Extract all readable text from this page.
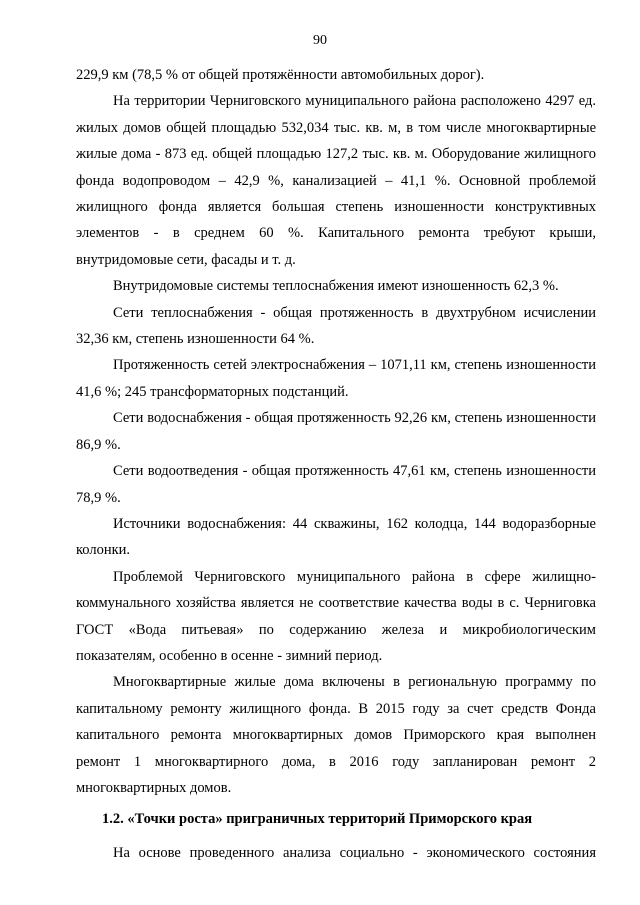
90

229,9 км (78,5 % от общей протяжённости автомобильных дорог).

На территории Черниговского муниципального района расположено 4297 ед. жилых домов общей площадью 532,034 тыс. кв. м, в том числе многоквартирные жилые дома - 873 ед. общей площадью 127,2 тыс. кв. м. Оборудование жилищного фонда водопроводом – 42,9 %, канализацией – 41,1 %. Основной проблемой жилищного фонда является большая степень изношенности конструктивных элементов - в среднем 60 %. Капитального ремонта требуют крыши, внутридомовые сети, фасады и т. д.

Внутридомовые системы теплоснабжения имеют изношенность 62,3 %.

Сети теплоснабжения - общая протяженность в двухтрубном исчислении 32,36 км, степень изношенности 64 %.

Протяженность сетей электроснабжения – 1071,11 км, степень изношенности 41,6 %; 245 трансформаторных подстанций.

Сети водоснабжения - общая протяженность 92,26 км, степень изношенности 86,9 %.

Сети водоотведения - общая протяженность 47,61 км, степень изношенности 78,9 %.

Источники водоснабжения: 44 скважины, 162 колодца, 144 водоразборные колонки.

Проблемой Черниговского муниципального района в сфере жилищно-коммунального хозяйства является не соответствие качества воды в с. Черниговка ГОСТ «Вода питьевая» по содержанию железа и микробиологическим показателям, особенно в осенне - зимний период.

Многоквартирные жилые дома включены в региональную программу по капитальному ремонту жилищного фонда. В 2015 году за счет средств Фонда капитального ремонта многоквартирных домов Приморского края выполнен ремонт 1 многоквартирного дома, в 2016 году запланирован ремонт 2 многоквартирных домов.

1.2. «Точки роста» приграничных территорий Приморского края
На основе проведенного анализа социально - экономического состояния
